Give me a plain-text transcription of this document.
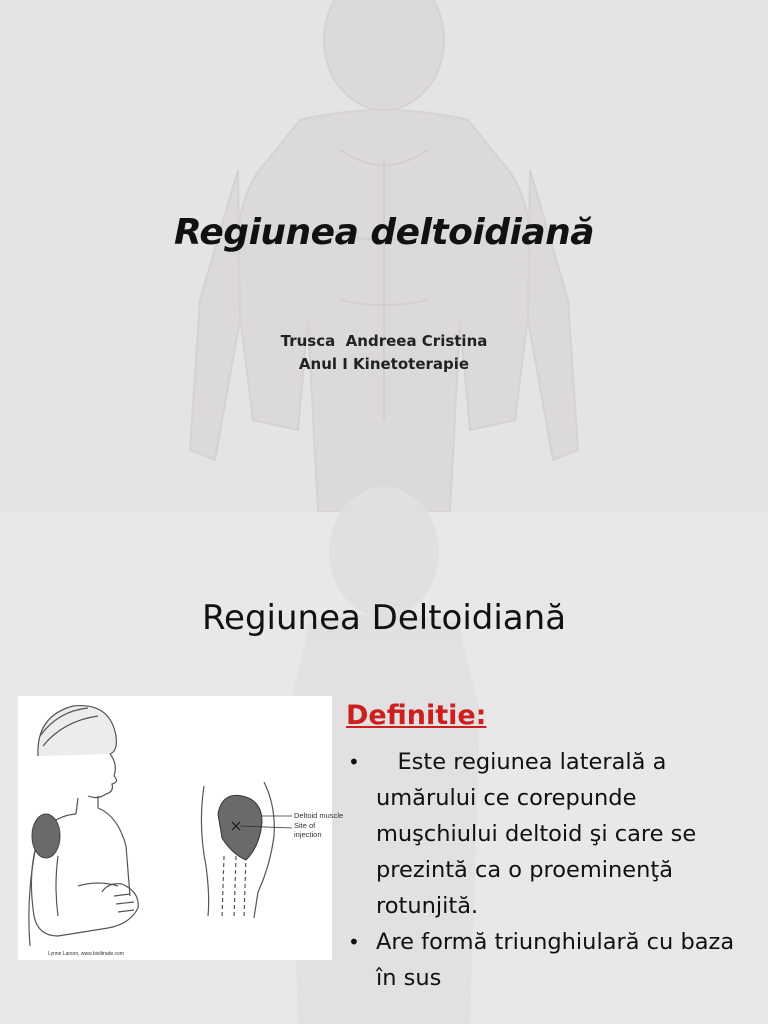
Regiunea deltoidiană
Trusca  Andreea Cristina
Anul I Kinetoterapie
Regiunea Deltoidiană
Deltoid muscle
Site of
injection
Lynne Larson, www.biolitrade.com
Definitie:
• Este regiunea laterală a umărului ce corepunde muşchiului deltoid şi care se prezintă ca o proeminenţă rotunjită.
• Are formă triunghiulară cu baza în sus
